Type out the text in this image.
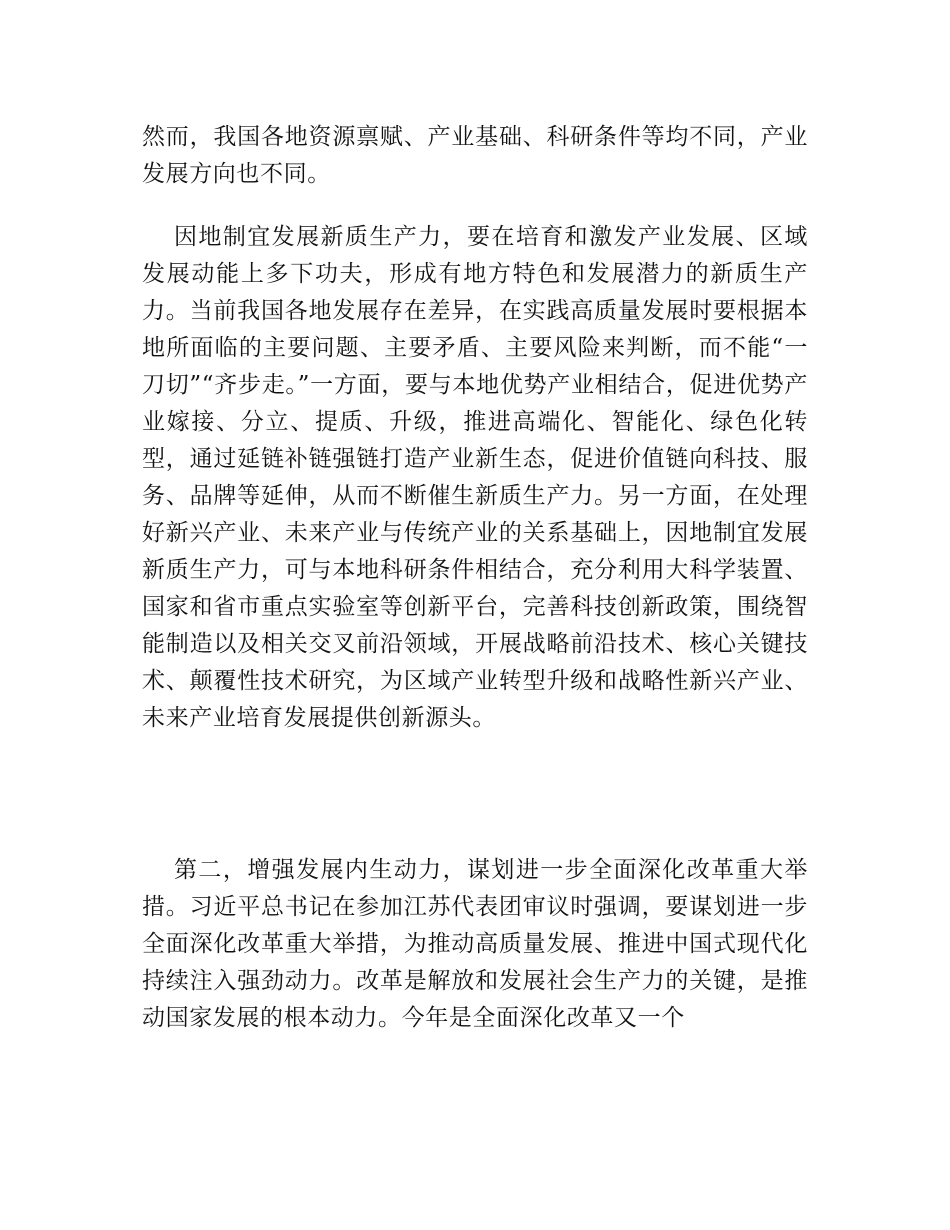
然而，我国各地资源禀赋、产业基础、科研条件等均不同，产业发展方向也不同。

因地制宜发展新质生产力，要在培育和激发产业发展、区域发展动能上多下功夫，形成有地方特色和发展潜力的新质生产力。当前我国各地发展存在差异，在实践高质量发展时要根据本地所面临的主要问题、主要矛盾、主要风险来判断，而不能“一刀切”“齐步走。”一方面，要与本地优势产业相结合，促进优势产业嫁接、分立、提质、升级，推进高端化、智能化、绿色化转型，通过延链补链强链打造产业新生态，促进价值链向科技、服务、品牌等延伸，从而不断催生新质生产力。另一方面，在处理好新兴产业、未来产业与传统产业的关系基础上，因地制宜发展新质生产力，可与本地科研条件相结合，充分利用大科学装置、国家和省市重点实验室等创新平台，完善科技创新政策，围绕智能制造以及相关交叉前沿领域，开展战略前沿技术、核心关键技术、颠覆性技术研究，为区域产业转型升级和战略性新兴产业、未来产业培育发展提供创新源头。

第二，增强发展内生动力，谋划进一步全面深化改革重大举措。习近平总书记在参加江苏代表团审议时强调，要谋划进一步全面深化改革重大举措，为推动高质量发展、推进中国式现代化持续注入强劲动力。改革是解放和发展社会生产力的关键，是推动国家发展的根本动力。今年是全面深化改革又一个
